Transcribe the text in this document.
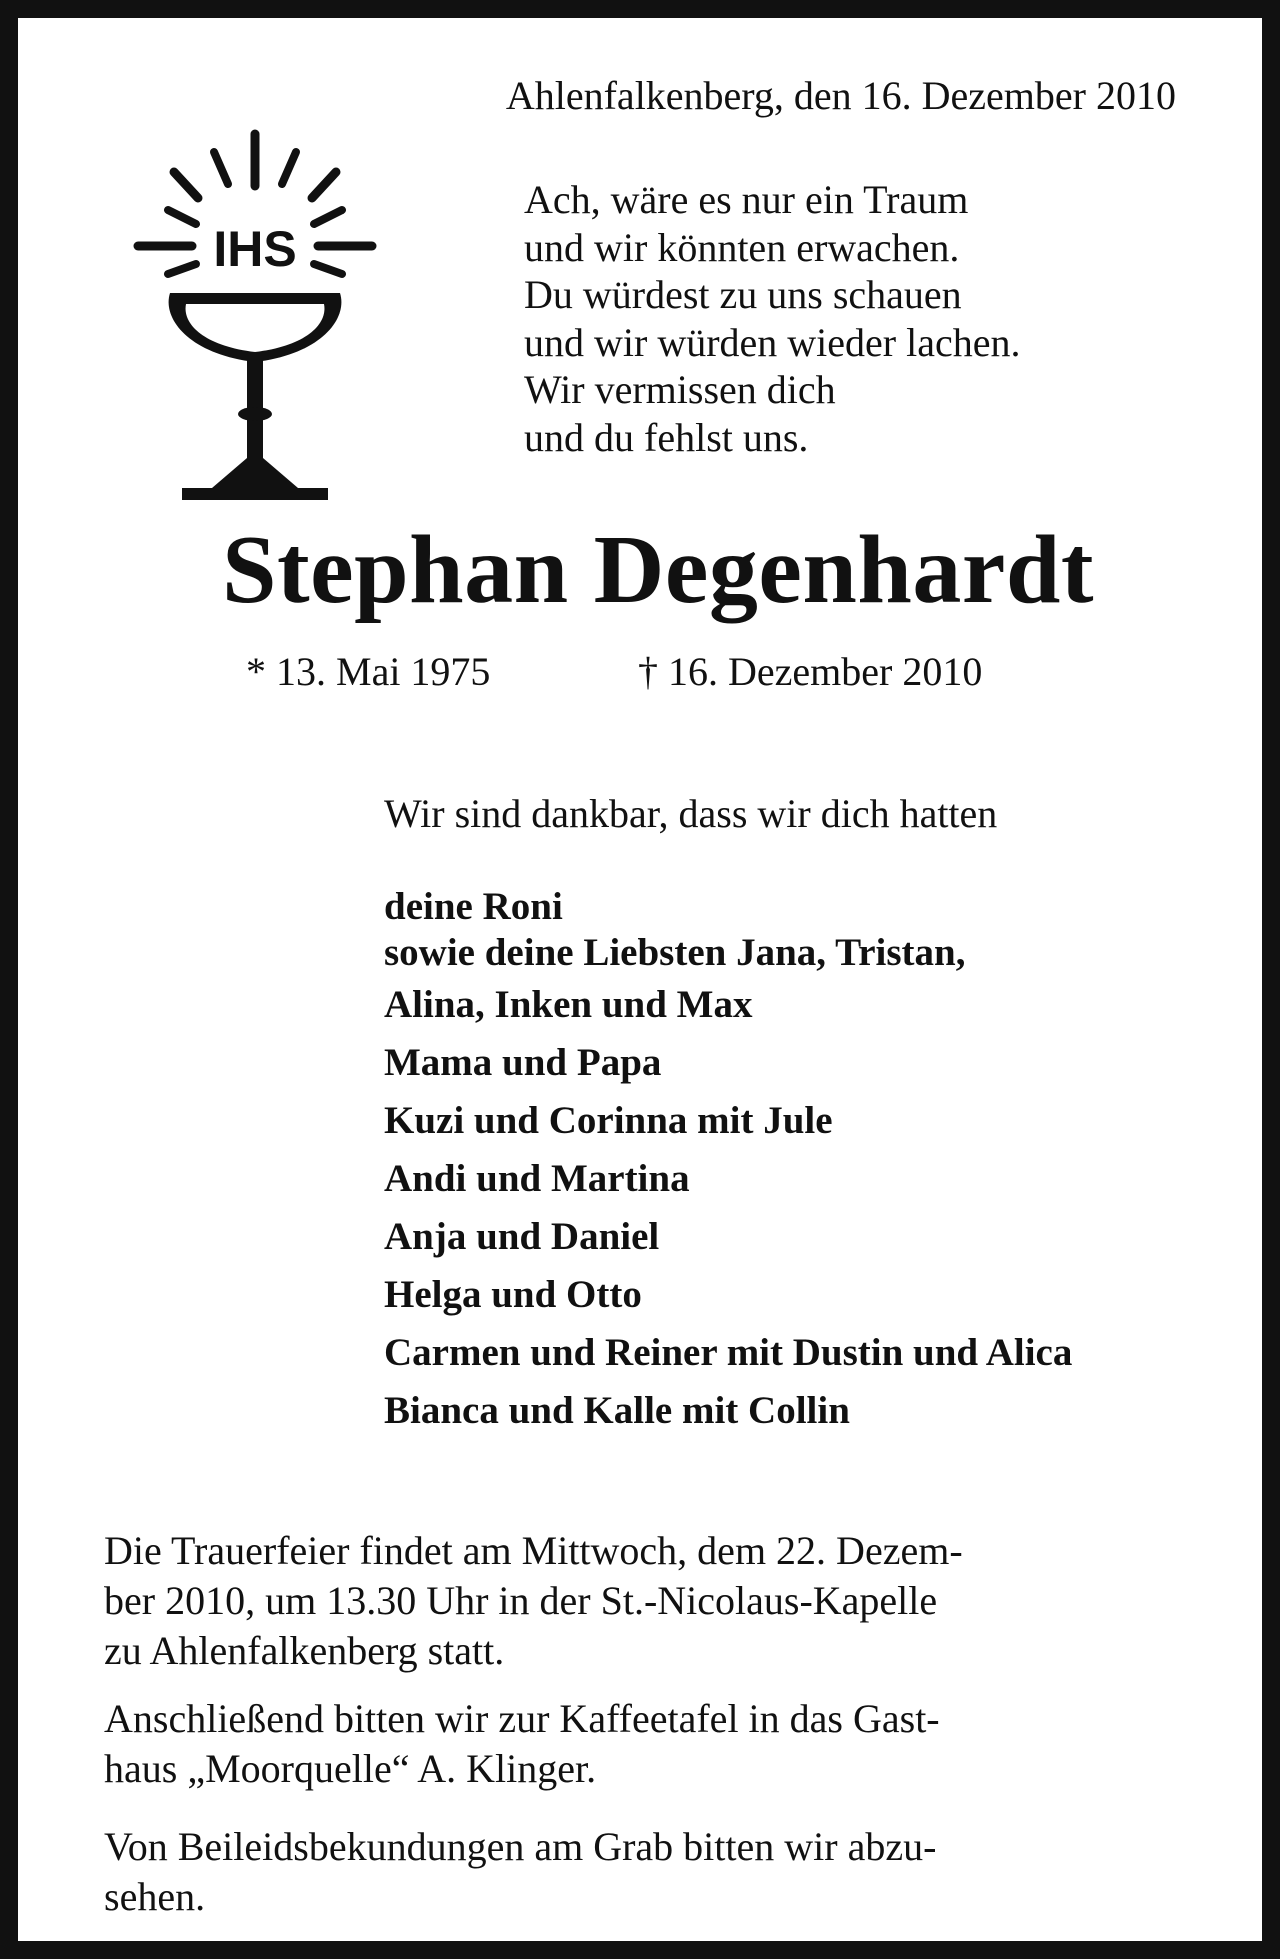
Ahlenfalkenberg, den 16. Dezember 2010
IHS
Ach, wäre es nur ein Traum
und wir könnten erwachen.
Du würdest zu uns schauen
und wir würden wieder lachen.
Wir vermissen dich
und du fehlst uns.
Stephan Degenhardt
* 13. Mai 1975	† 16. Dezember 2010
Wir sind dankbar, dass wir dich hatten
deine Roni
sowie deine Liebsten Jana, Tristan,
Alina, Inken und Max
Mama und Papa
Kuzi und Corinna mit Jule
Andi und Martina
Anja und Daniel
Helga und Otto
Carmen und Reiner mit Dustin und Alica
Bianca und Kalle mit Collin
Die Trauerfeier findet am Mittwoch, dem 22. Dezem-
ber 2010, um 13.30 Uhr in der St.-Nicolaus-Kapelle
zu Ahlenfalkenberg statt.
Anschließend bitten wir zur Kaffeetafel in das Gast-
haus „Moorquelle“ A. Klinger.
Von Beileidsbekundungen am Grab bitten wir abzu-
sehen.
